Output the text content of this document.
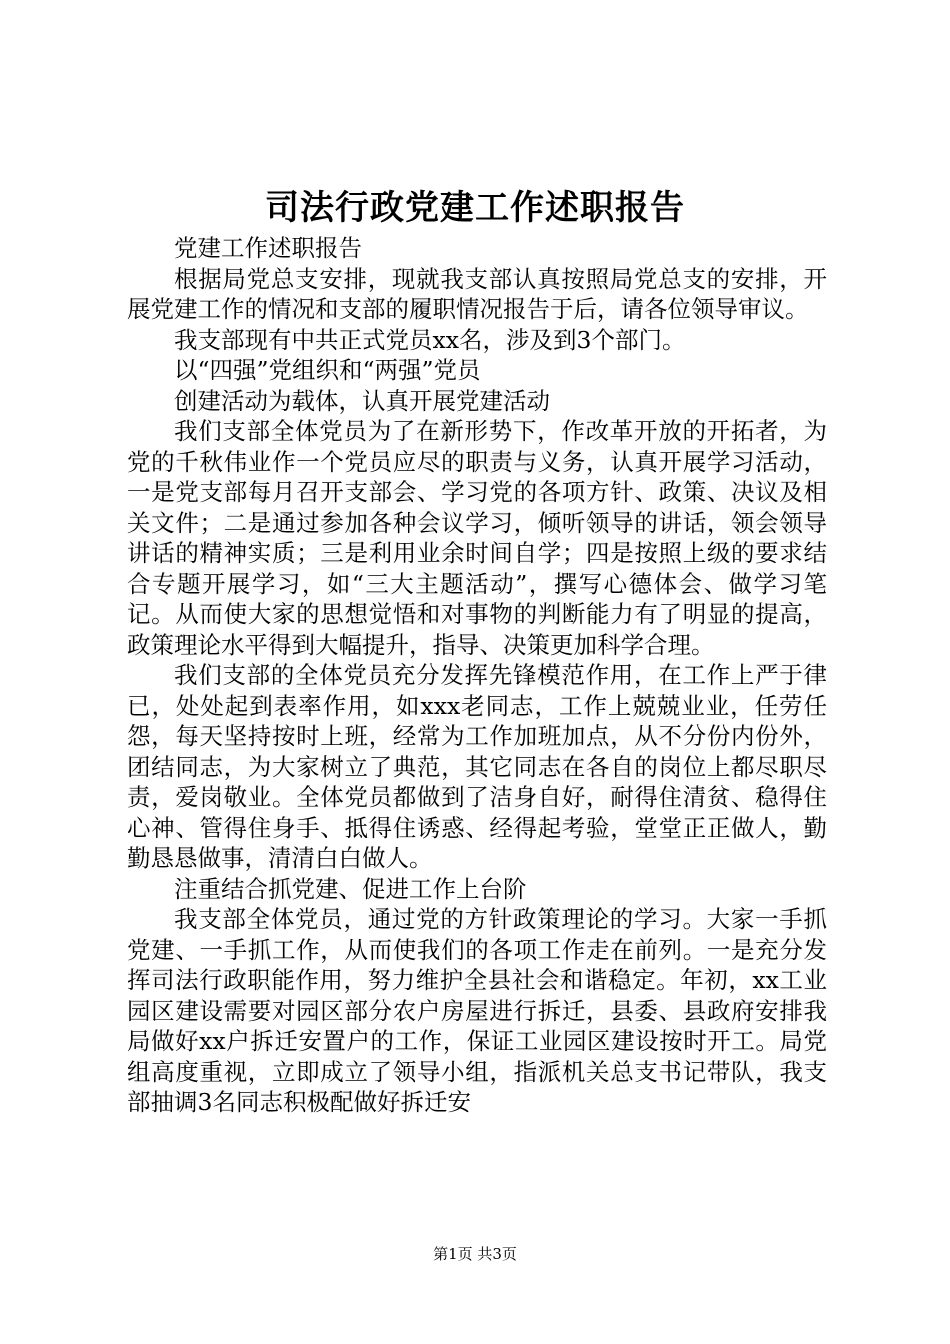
司法行政党建工作述职报告

党建工作述职报告

根据局党总支安排，现就我支部认真按照局党总支的安排，开展党建工作的情况和支部的履职情况报告于后，请各位领导审议。

我支部现有中共正式党员xx名，涉及到3个部门。

以“四强”党组织和“两强”党员

创建活动为载体，认真开展党建活动

我们支部全体党员为了在新形势下，作改革开放的开拓者，为党的千秋伟业作一个党员应尽的职责与义务，认真开展学习活动，一是党支部每月召开支部会、学习党的各项方针、政策、决议及相关文件；二是通过参加各种会议学习，倾听领导的讲话，领会领导讲话的精神实质；三是利用业余时间自学；四是按照上级的要求结合专题开展学习，如“三大主题活动”，撰写心德体会、做学习笔记。从而使大家的思想觉悟和对事物的判断能力有了明显的提高，政策理论水平得到大幅提升，指导、决策更加科学合理。

我们支部的全体党员充分发挥先锋模范作用，在工作上严于律已，处处起到表率作用，如xxx老同志，工作上兢兢业业，任劳任怨，每天坚持按时上班，经常为工作加班加点，从不分份内份外，团结同志，为大家树立了典范，其它同志在各自的岗位上都尽职尽责，爱岗敬业。全体党员都做到了洁身自好，耐得住清贫、稳得住心神、管得住身手、抵得住诱惑、经得起考验，堂堂正正做人，勤勤恳恳做事，清清白白做人。

注重结合抓党建、促进工作上台阶

我支部全体党员，通过党的方针政策理论的学习。大家一手抓党建、一手抓工作，从而使我们的各项工作走在前列。一是充分发挥司法行政职能作用，努力维护全县社会和谐稳定。年初，xx工业园区建设需要对园区部分农户房屋进行拆迁，县委、县政府安排我局做好xx户拆迁安置户的工作，保证工业园区建设按时开工。局党组高度重视，立即成立了领导小组，指派机关总支书记带队，我支部抽调3名同志积极配做好拆迁安

第1页 共3页
